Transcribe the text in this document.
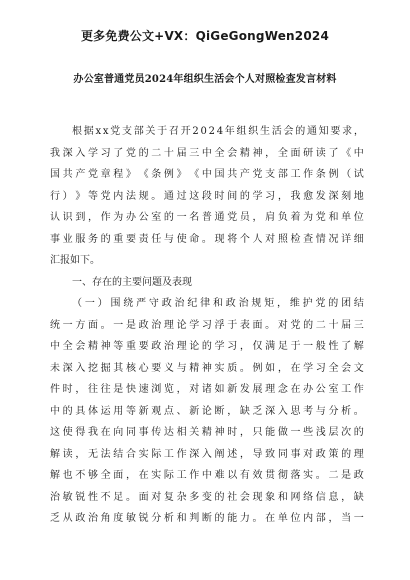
更多免费公文+VX：QiGeGongWen2024
办公室普通党员2024年组织生活会个人对照检查发言材料
根 据 x x 党 支 部 关 于 召 开 2 0 2 4 年 组 织 生 活 会 的 通 知 要 求 ，
我 深 入 学 习 了 党 的 二 十 届 三 中 全 会 精 神 ， 全 面 研 读 了 《 中
国 共 产 党 章 程 》 《 条 例 》 《 中 国 共 产 党 支 部 工 作 条 例 （ 试
行 ） 》 等 党 内 法 规 。 通 过 这 段 时 间 的 学 习 ， 我 愈 发 深 刻 地
认 识 到 ， 作 为 办 公 室 的 一 名 普 通 党 员 ， 肩 负 着 为 党 和 单 位
事 业 服 务 的 重 要 责 任 与 使 命 。 现 将 个 人 对 照 检 查 情 况 详 细
汇报如下。
一、存在的主要问题及表现
（ 一 ） 围 绕 严 守 政 治 纪 律 和 政 治 规 矩 ， 维 护 党 的 团 结
统 一 方 面 。 一 是 政 治 理 论 学 习 浮 于 表 面 。 对 党 的 二 十 届 三
中 全 会 精 神 等 重 要 政 治 理 论 的 学 习 ， 仅 满 足 于 一 般 性 了 解
未 深 入 挖 掘 其 核 心 要 义 与 精 神 实 质 。 例 如 ， 在 学 习 全 会 文
件 时 ， 往 往 是 快 速 浏 览 ， 对 诸 如 新 发 展 理 念 在 办 公 室 工 作
中 的 具 体 运 用 等 新 观 点 、 新 论 断 ， 缺 乏 深 入 思 考 与 分 析 。
这 使 得 我 在 向 同 事 传 达 相 关 精 神 时 ， 只 能 做 一 些 浅 层 次 的
解 读 ， 无 法 结 合 实 际 工 作 深 入 阐 述 ， 导 致 同 事 对 政 策 的 理
解 也 不 够 全 面 ， 在 实 际 工 作 中 难 以 有 效 贯 彻 落 实 。 二 是 政
治 敏 锐 性 不 足 。 面 对 复 杂 多 变 的 社 会 现 象 和 网 络 信 息 ， 缺
乏 从 政 治 角 度 敏 锐 分 析 和 判 断 的 能 力 。 在 单 位 内 部 ， 当 一
